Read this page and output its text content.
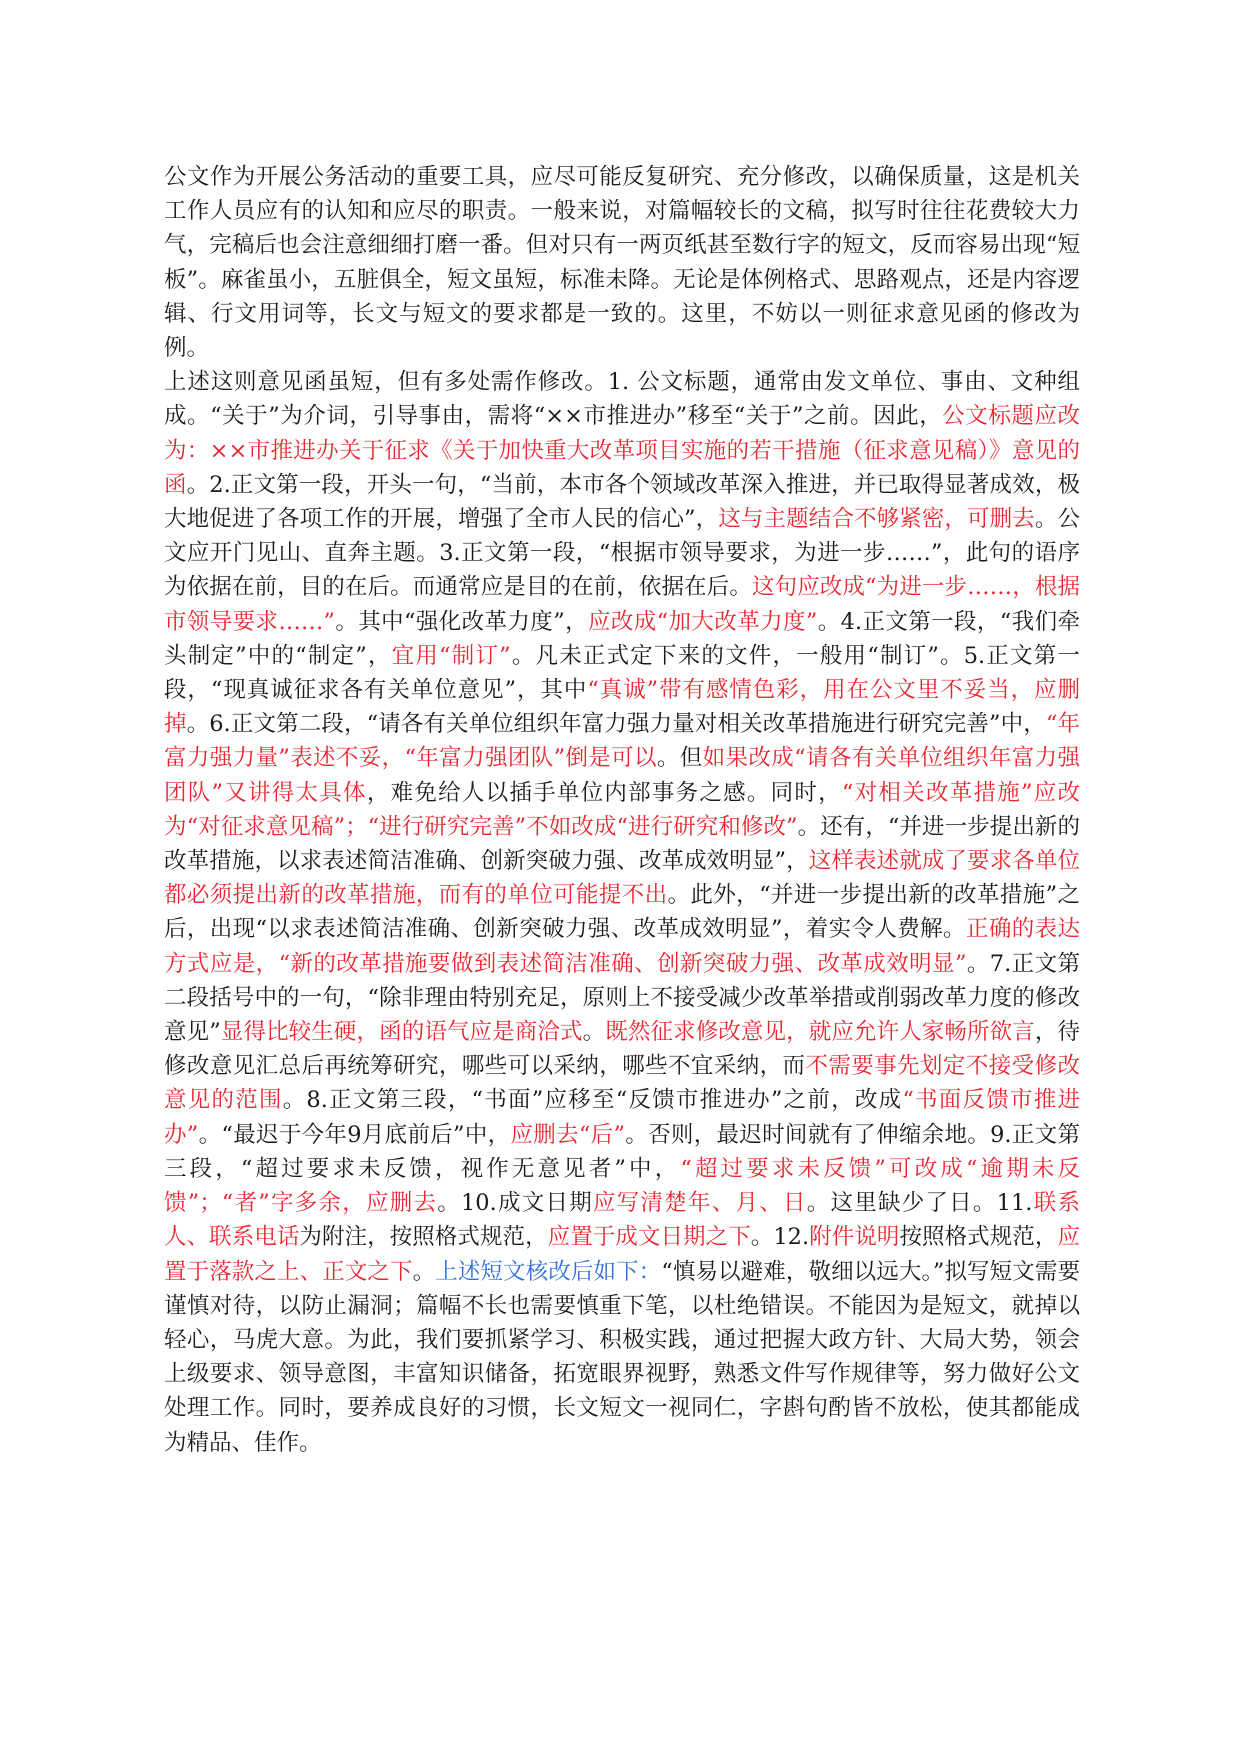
公文作为开展公务活动的重要工具，应尽可能反复研究、充分修改，以确保质量，这是机关工作人员应有的认知和应尽的职责。一般来说，对篇幅较长的文稿，拟写时往往花费较大力气，完稿后也会注意细细打磨一番。但对只有一两页纸甚至数行字的短文，反而容易出现“短板”。麻雀虽小，五脏俱全，短文虽短，标准未降。无论是体例格式、思路观点，还是内容逻辑、行文用词等，长文与短文的要求都是一致的。这里，不妨以一则征求意见函的修改为例。

上述这则意见函虽短，但有多处需作修改。1. 公文标题，通常由发文单位、事由、文种组成。“关于”为介词，引导事由，需将“××市推进办”移至“关于”之前。因此，公文标题应改为：××市推进办关于征求《关于加快重大改革项目实施的若干措施（征求意见稿）》意见的函。2.正文第一段，开头一句，“当前，本市各个领域改革深入推进，并已取得显著成效，极大地促进了各项工作的开展，增强了全市人民的信心”，这与主题结合不够紧密，可删去。公文应开门见山、直奔主题。3.正文第一段，“根据市领导要求，为进一步……”，此句的语序为依据在前，目的在后。而通常应是目的在前，依据在后。这句应改成“为进一步……，根据市领导要求……”。其中“强化改革力度”，应改成“加大改革力度”。4.正文第一段，“我们牵头制定”中的“制定”，宜用“制订”。凡未正式定下来的文件，一般用“制订”。5.正文第一段，“现真诚征求各有关单位意见”，其中“真诚”带有感情色彩，用在公文里不妥当，应删掉。6.正文第二段，“请各有关单位组织年富力强力量对相关改革措施进行研究完善”中，“年富力强力量”表述不妥，“年富力强团队”倒是可以。但如果改成“请各有关单位组织年富力强团队”又讲得太具体，难免给人以插手单位内部事务之感。同时，“对相关改革措施”应改为“对征求意见稿”；“进行研究完善”不如改成“进行研究和修改”。还有，“并进一步提出新的改革措施，以求表述简洁准确、创新突破力强、改革成效明显”，这样表述就成了要求各单位都必须提出新的改革措施，而有的单位可能提不出。此外，“并进一步提出新的改革措施”之后，出现“以求表述简洁准确、创新突破力强、改革成效明显”，着实令人费解。正确的表达方式应是，“新的改革措施要做到表述简洁准确、创新突破力强、改革成效明显”。7.正文第二段括号中的一句，“除非理由特别充足，原则上不接受减少改革举措或削弱改革力度的修改意见”显得比较生硬，函的语气应是商洽式。既然征求修改意见，就应允许人家畅所欲言，待修改意见汇总后再统筹研究，哪些可以采纳，哪些不宜采纳，而不需要事先划定不接受修改意见的范围。8.正文第三段，“书面”应移至“反馈市推进办”之前，改成“书面反馈市推进办”。“最迟于今年9月底前后”中，应删去“后”。否则，最迟时间就有了伸缩余地。9.正文第三段，“超过要求未反馈，视作无意见者”中，“超过要求未反馈”可改成“逾期未反馈”；“者”字多余，应删去。10.成文日期应写清楚年、月、日。这里缺少了日。11.联系人、联系电话为附注，按照格式规范，应置于成文日期之下。12.附件说明按照格式规范，应置于落款之上、正文之下。上述短文核改后如下：“慎易以避难，敬细以远大。”拟写短文需要谨慎对待，以防止漏洞；篇幅不长也需要慎重下笔，以杜绝错误。不能因为是短文，就掉以轻心，马虎大意。为此，我们要抓紧学习、积极实践，通过把握大政方针、大局大势，领会上级要求、领导意图，丰富知识储备，拓宽眼界视野，熟悉文件写作规律等，努力做好公文处理工作。同时，要养成良好的习惯，长文短文一视同仁，字斟句酌皆不放松，使其都能成为精品、佳作。
